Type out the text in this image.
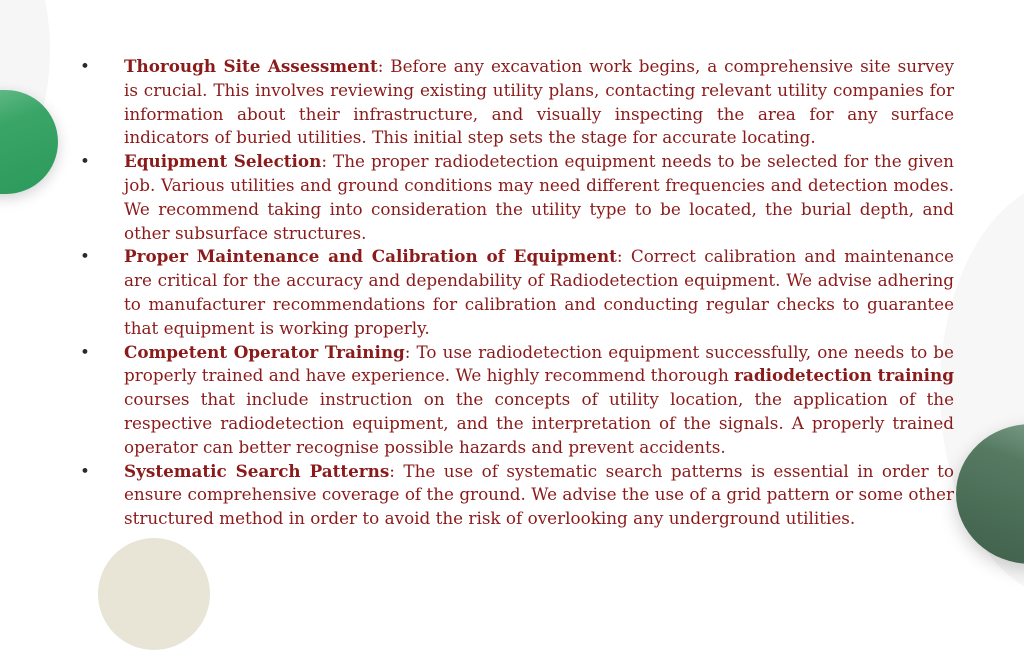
• Thorough Site Assessment: Before any excavation work begins, a comprehensive site survey is crucial. This involves reviewing existing utility plans, contacting relevant utility companies for information about their infrastructure, and visually inspecting the area for any surface indicators of buried utilities. This initial step sets the stage for accurate locating.
• Equipment Selection: The proper radiodetection equipment needs to be selected for the given job. Various utilities and ground conditions may need different frequencies and detection modes. We recommend taking into consideration the utility type to be located, the burial depth, and other subsurface structures.
• Proper Maintenance and Calibration of Equipment: Correct calibration and maintenance are critical for the accuracy and dependability of Radiodetection equipment. We advise adhering to manufacturer recommendations for calibration and conducting regular checks to guarantee that equipment is working properly.
• Competent Operator Training: To use radiodetection equipment successfully, one needs to be properly trained and have experience. We highly recommend thorough radiodetection training courses that include instruction on the concepts of utility location, the application of the respective radiodetection equipment, and the interpretation of the signals. A properly trained operator can better recognise possible hazards and prevent accidents.
• Systematic Search Patterns: The use of systematic search patterns is essential in order to ensure comprehensive coverage of the ground. We advise the use of a grid pattern or some other structured method in order to avoid the risk of overlooking any underground utilities.
